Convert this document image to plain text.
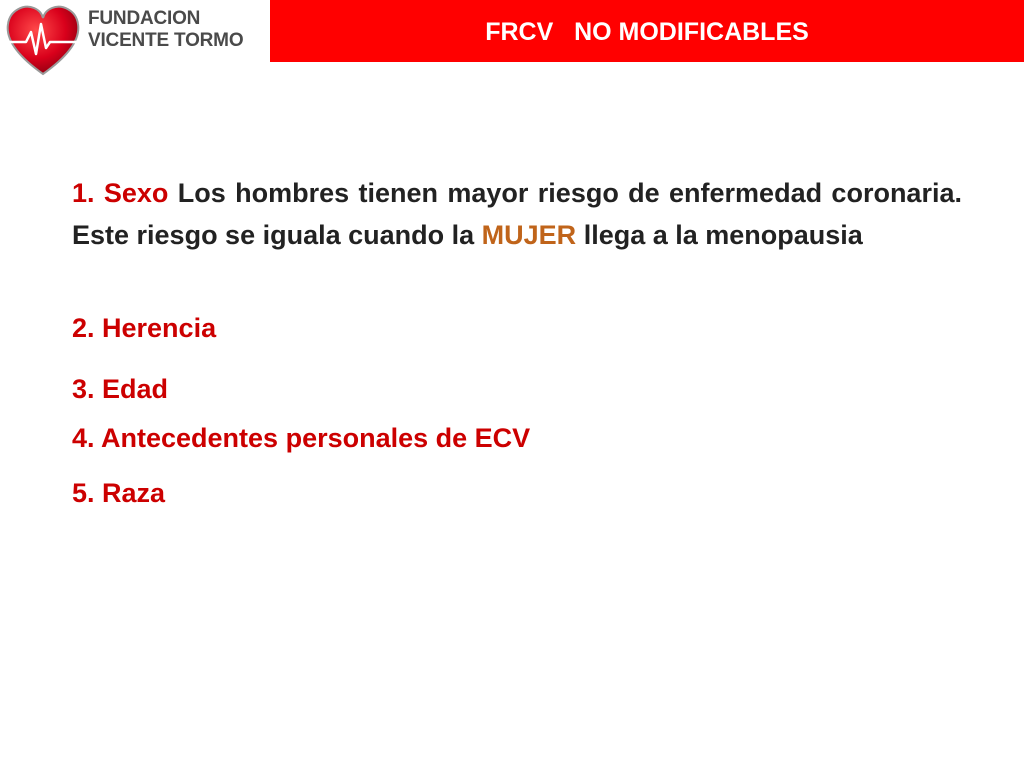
FUNDACION
VICENTE TORMO	FRCV   NO MODIFICABLES

1. Sexo Los hombres tienen mayor riesgo de enfermedad coronaria. Este riesgo se iguala cuando la MUJER llega a la menopausia

2. Herencia
3. Edad
4. Antecedentes personales de ECV
5. Raza
